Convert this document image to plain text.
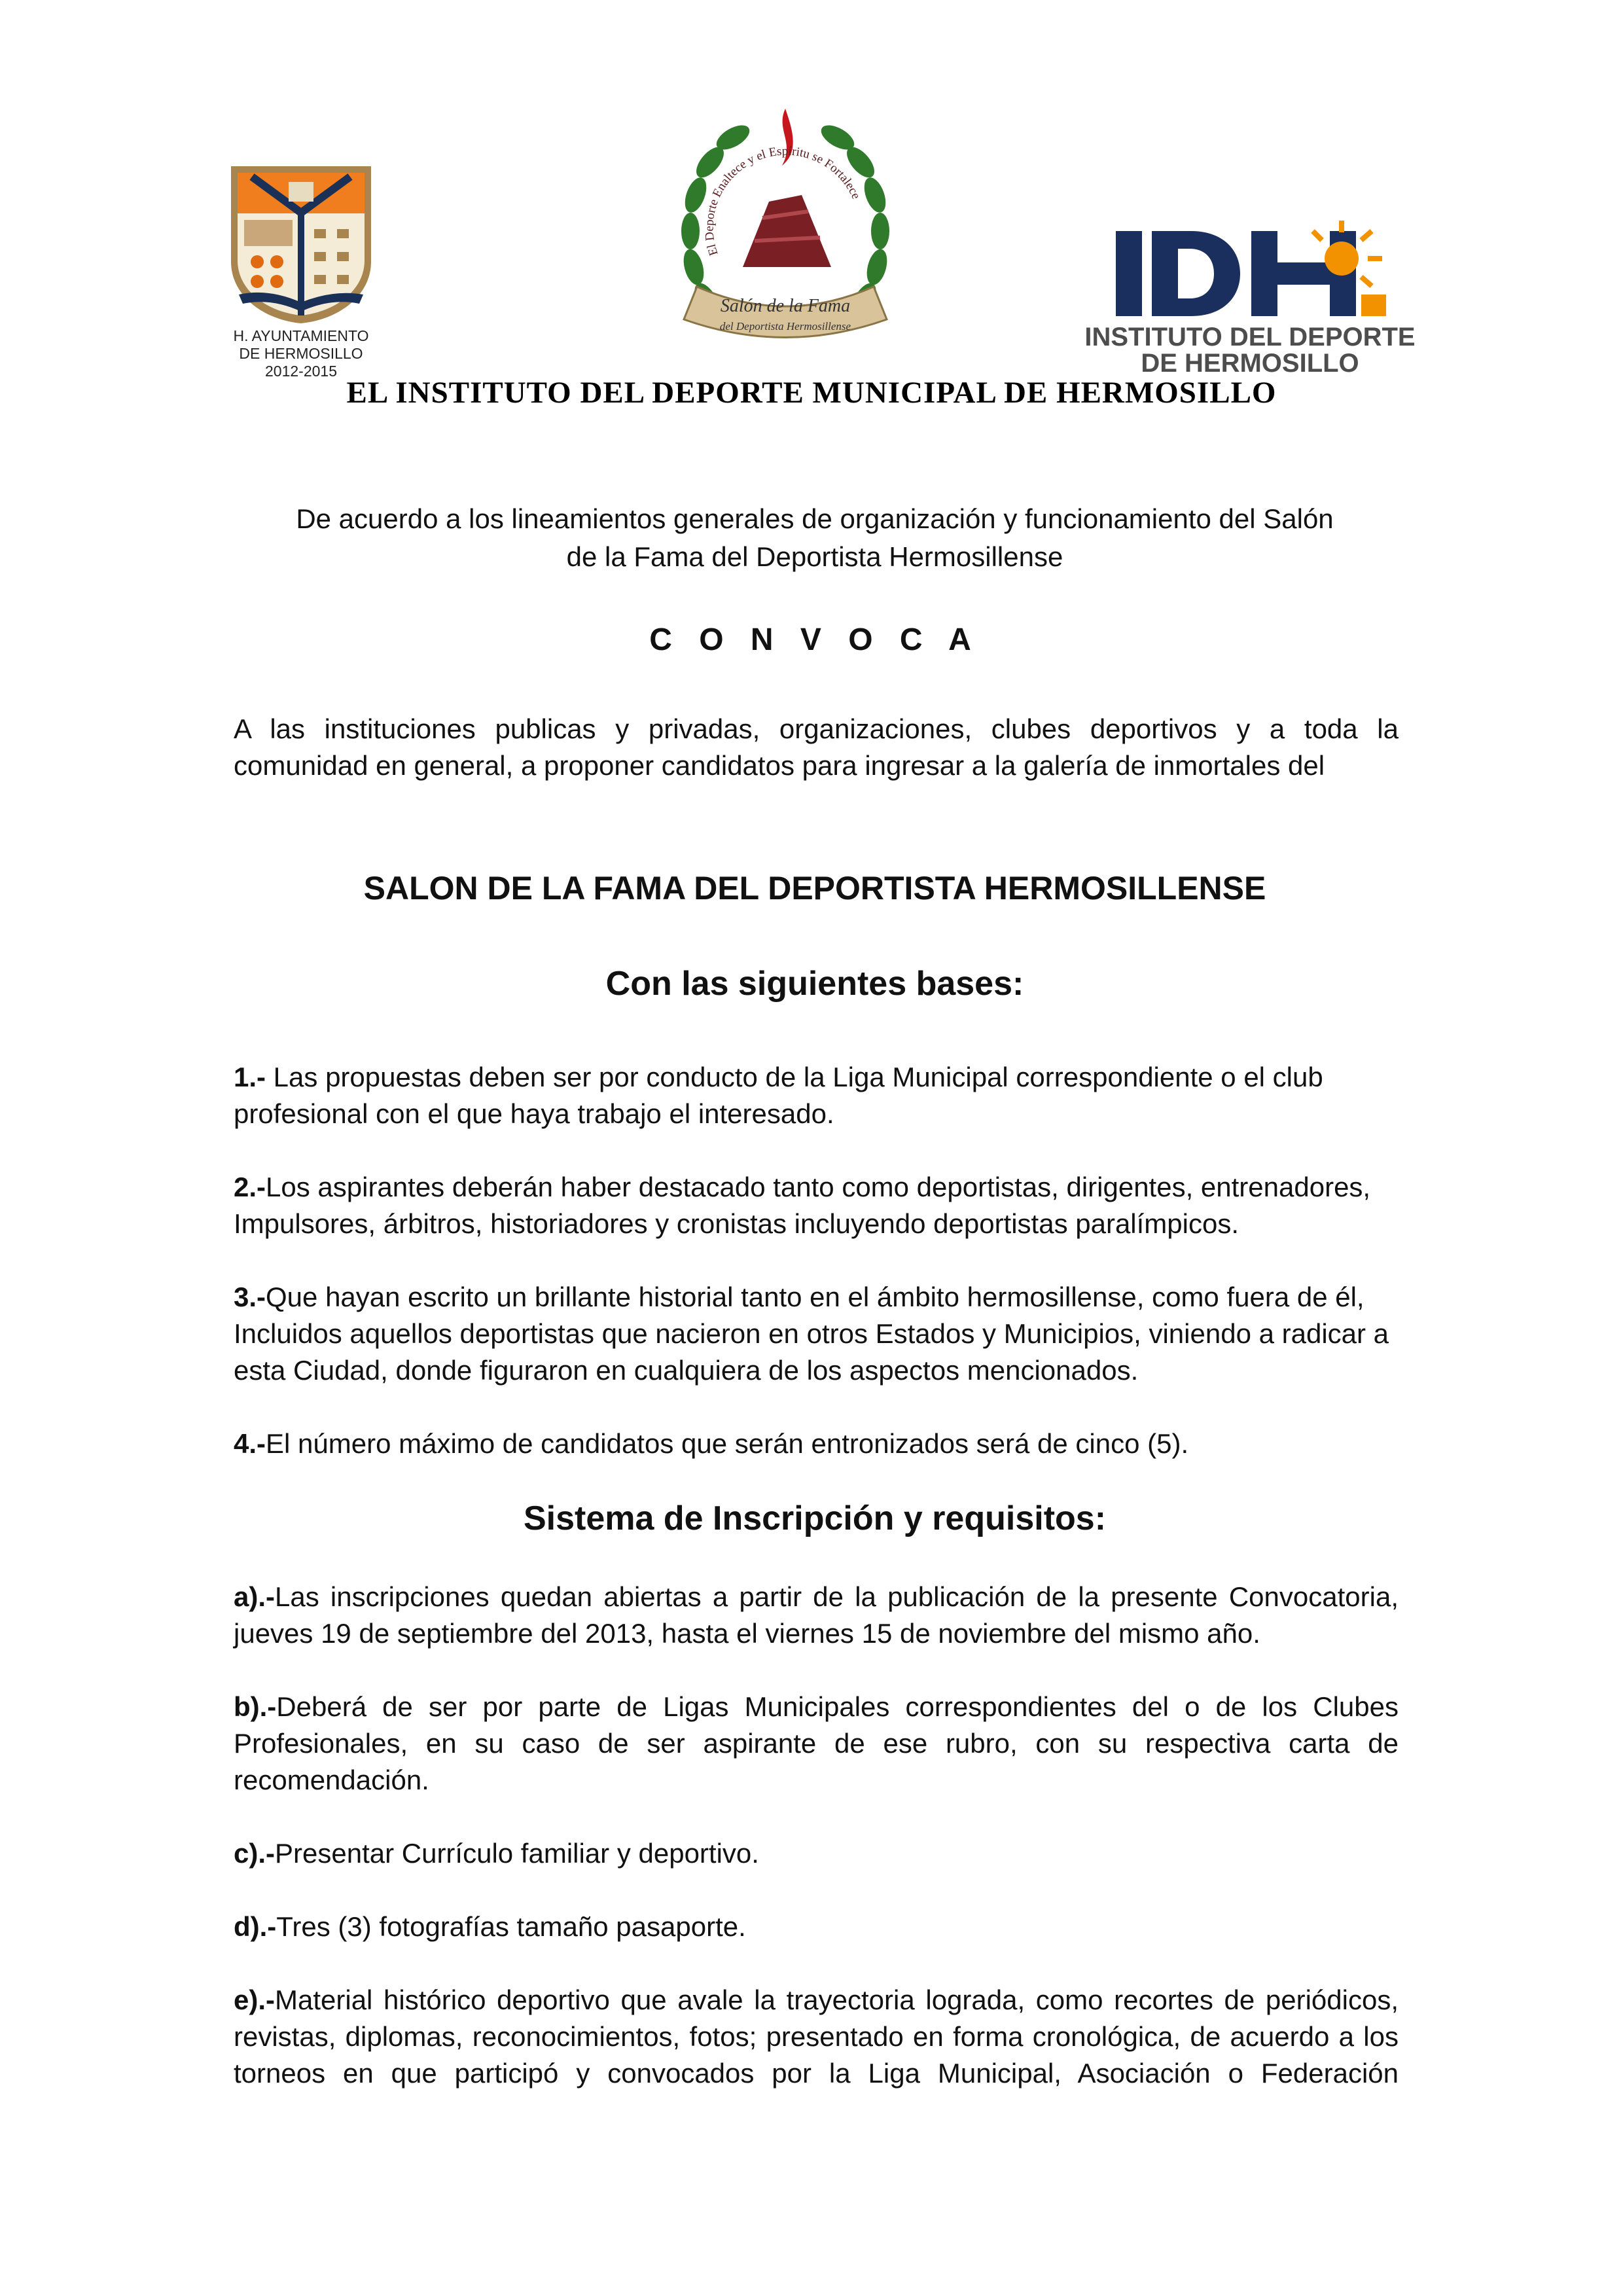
H. AYUNTAMIENTO
DE HERMOSILLO
2012-2015
El Deporte Enaltece y el Espíritu se Fortalece
Salón de la Fama
del Deportista Hermosillense	INSTITUTO DEL DEPORTE
DE HERMOSILLO
EL INSTITUTO DEL DEPORTE MUNICIPAL DE HERMOSILLO
De acuerdo a los lineamientos generales de organización y funcionamiento del Salón
de la Fama del Deportista Hermosillense
C O N V O C A
A las instituciones publicas y privadas, organizaciones, clubes deportivos y a toda la comunidad en general, a proponer candidatos para ingresar a la galería de inmortales del
SALON DE LA FAMA DEL DEPORTISTA HERMOSILLENSE
Con las siguientes bases:
1.- Las propuestas deben ser por conducto de la Liga Municipal correspondiente o el club profesional con el que haya trabajo el interesado.
2.-Los aspirantes deberán haber destacado tanto como deportistas, dirigentes, entrenadores, Impulsores, árbitros, historiadores y cronistas incluyendo deportistas paralímpicos.
3.-Que hayan escrito un brillante historial tanto en el ámbito hermosillense, como fuera de él, Incluidos aquellos deportistas que nacieron en otros Estados y Municipios, viniendo a radicar a esta Ciudad, donde figuraron en cualquiera de los aspectos mencionados.
4.-El número máximo de candidatos que serán entronizados será de cinco (5).
Sistema de Inscripción y requisitos:
a).-Las inscripciones quedan abiertas a partir de la publicación de la presente Convocatoria, jueves 19 de septiembre del 2013, hasta el viernes 15 de noviembre del mismo año.
b).-Deberá de ser por parte de Ligas Municipales correspondientes del o de los Clubes Profesionales, en su caso de ser aspirante de ese rubro, con su respectiva carta de recomendación.
c).-Presentar Currículo familiar y deportivo.
d).-Tres (3) fotografías tamaño pasaporte.
e).-Material histórico deportivo que avale la trayectoria lograda, como recortes de periódicos, revistas, diplomas, reconocimientos, fotos; presentado en forma cronológica, de acuerdo a los torneos en que participó y convocados por la Liga Municipal, Asociación o Federación
